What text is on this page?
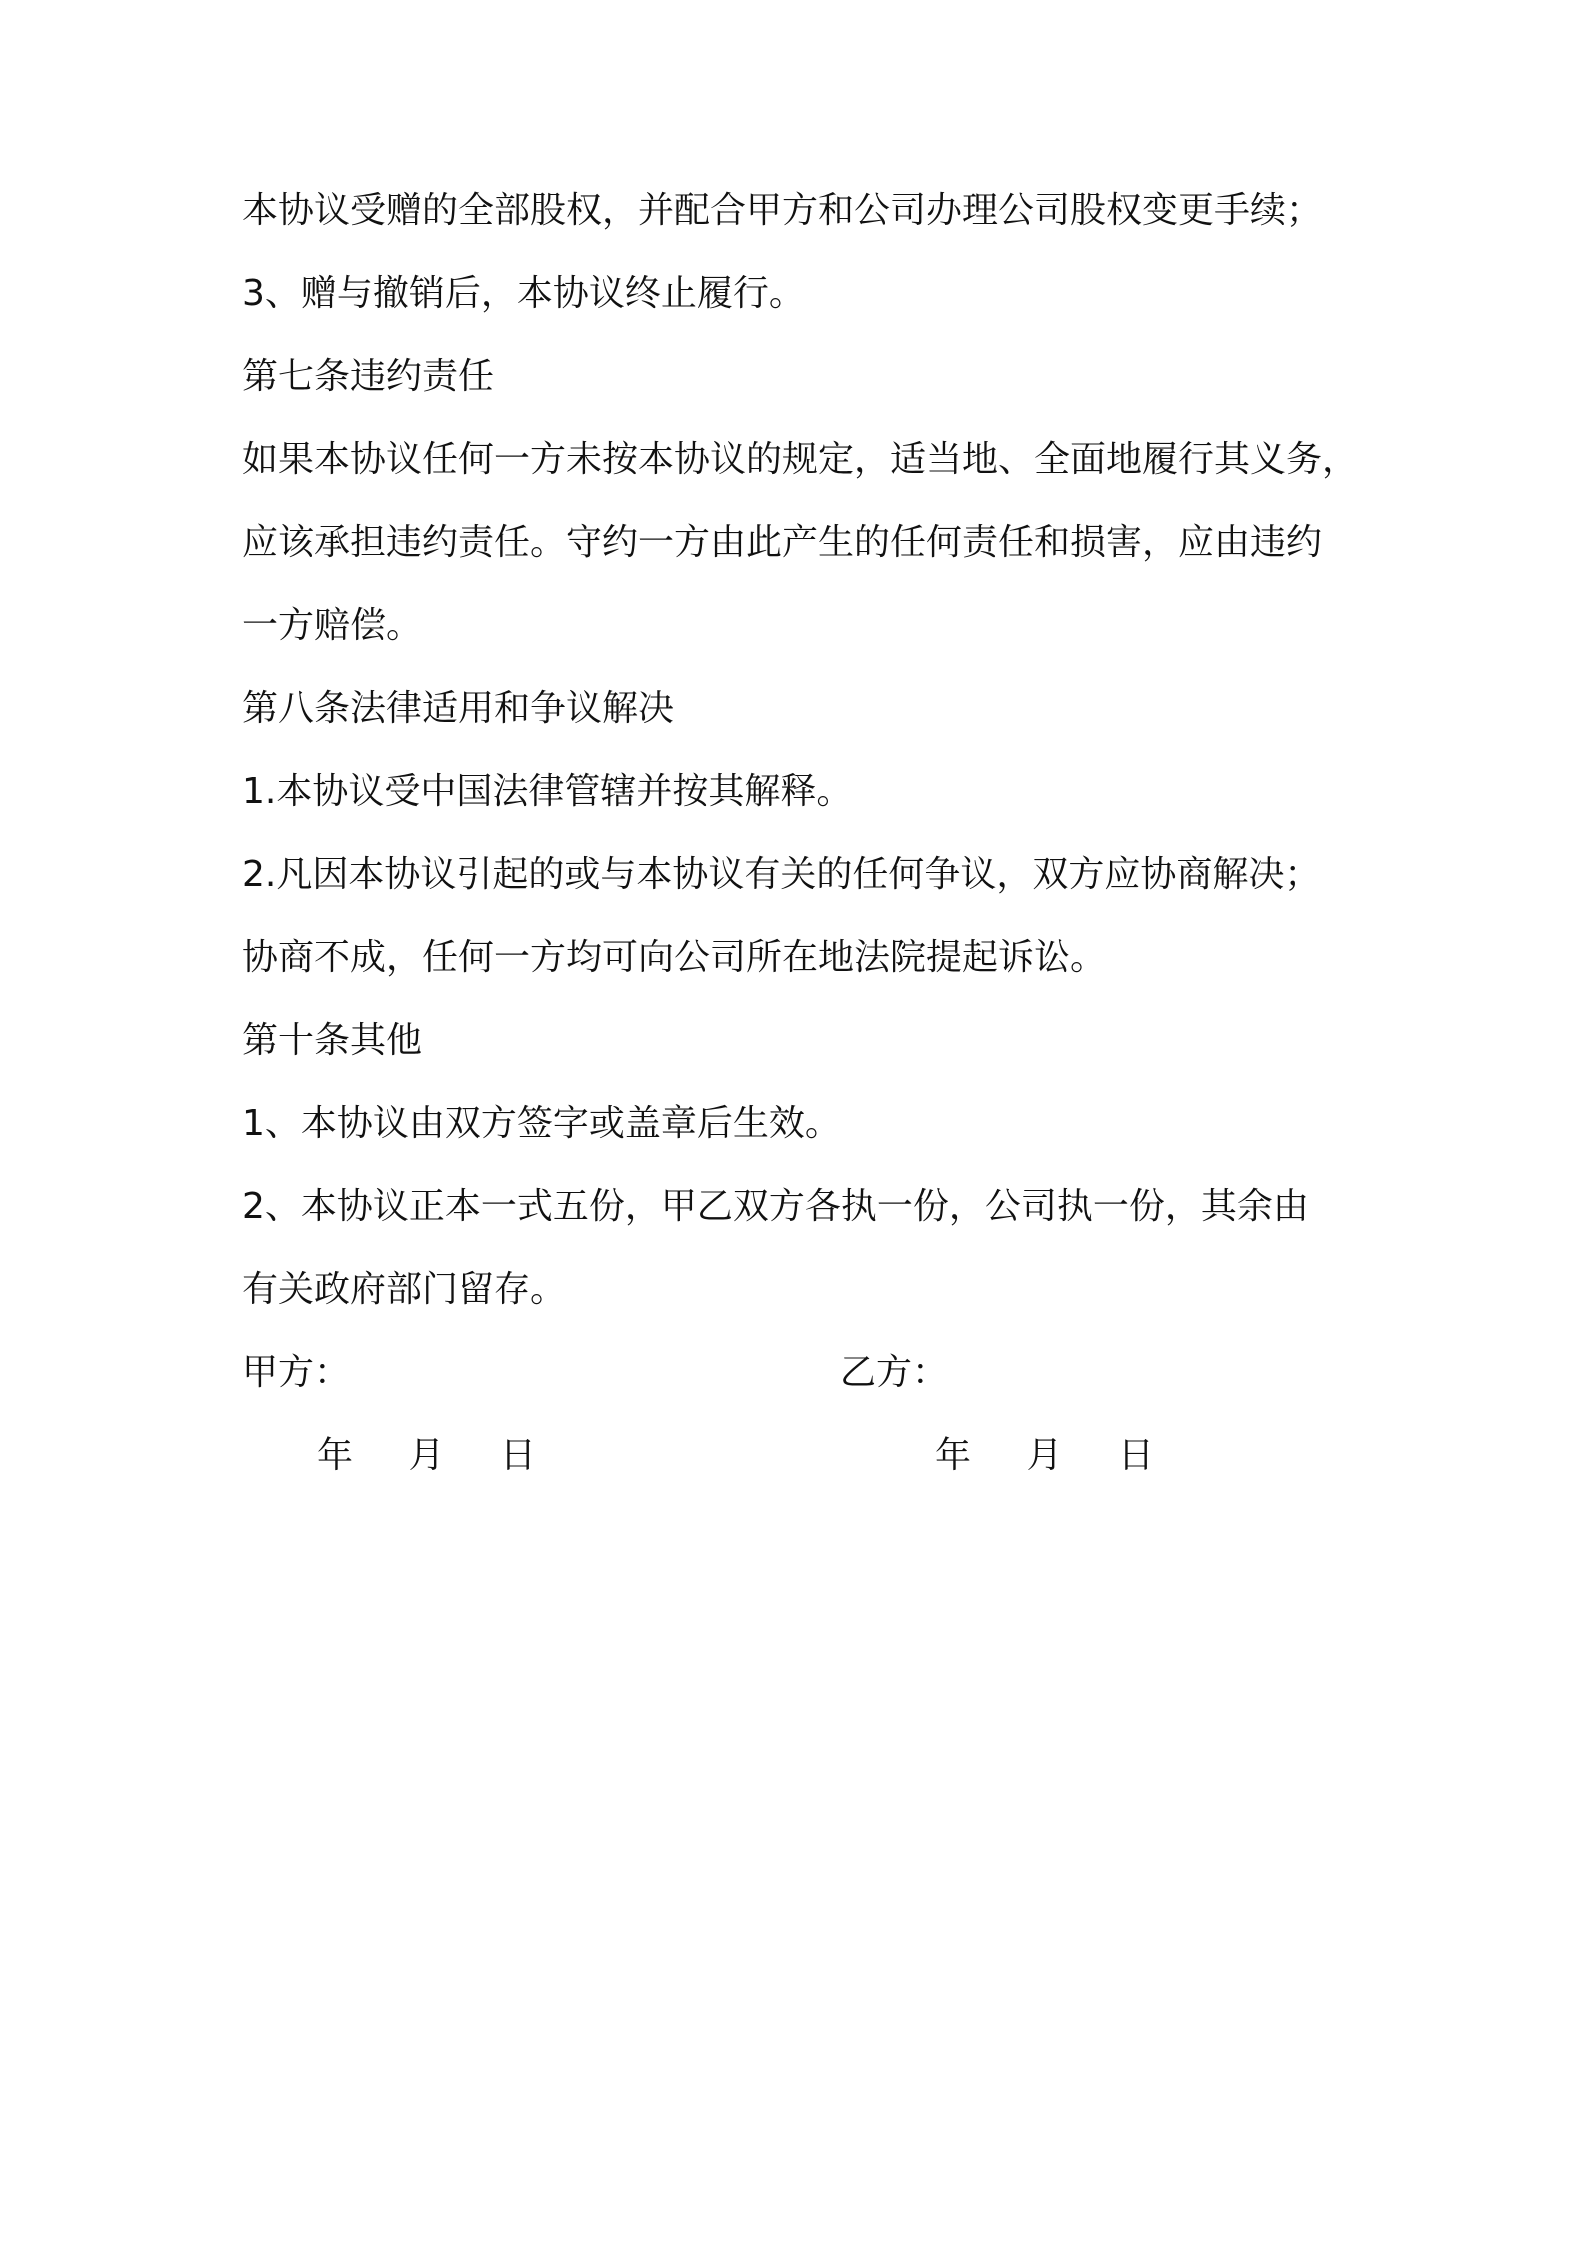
本协议受赠的全部股权，并配合甲方和公司办理公司股权变更手续；
3、赠与撤销后，本协议终止履行。
第七条违约责任
如果本协议任何一方未按本协议的规定，适当地、全面地履行其义务，
应该承担违约责任。守约一方由此产生的任何责任和损害，应由违约
一方赔偿。
第八条法律适用和争议解决
1.本协议受中国法律管辖并按其解释。
2.凡因本协议引起的或与本协议有关的任何争议，双方应协商解决；
协商不成，任何一方均可向公司所在地法院提起诉讼。
第十条其他
1、本协议由双方签字或盖章后生效。
2、本协议正本一式五份，甲乙双方各执一份，公司执一份，其余由
有关政府部门留存。
甲方：	乙方：
年 月 日	年 月 日
